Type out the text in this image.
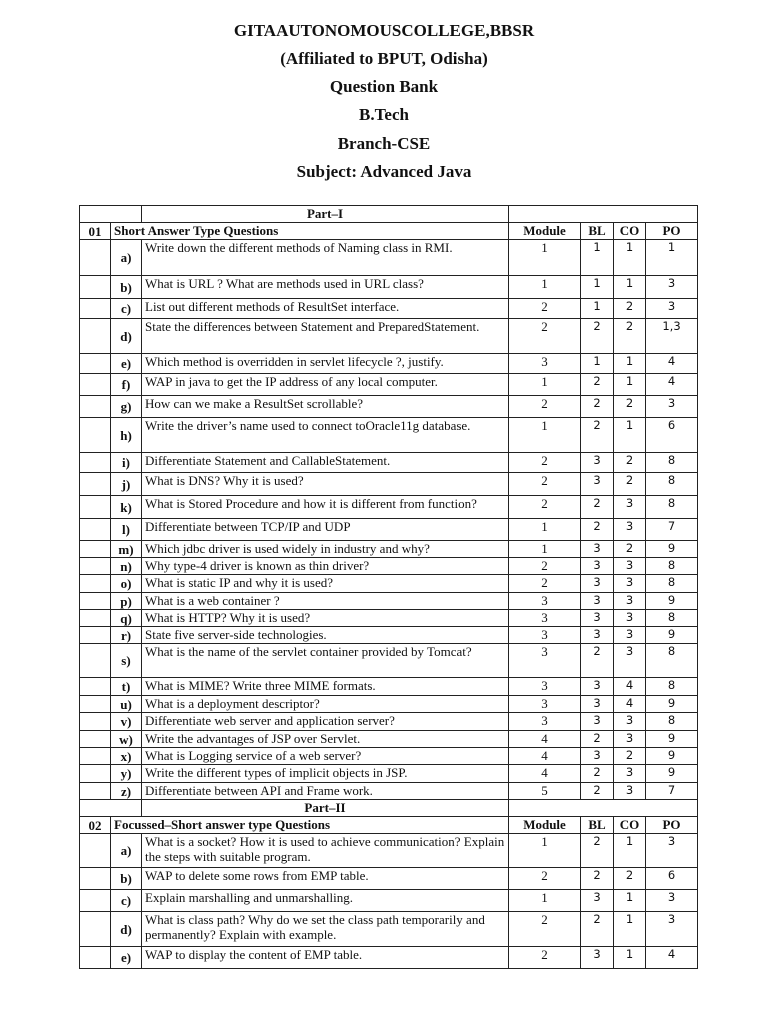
GITAAUTONOMOUSCOLLEGE,BBSR
(Affiliated to BPUT, Odisha)
Question Bank
B.Tech
Branch-CSE
Subject: Advanced Java
		Part–I				
01	Short Answer Type Questions		Module	BL	CO	PO
	a)	Write down the different methods of Naming class in RMI.	1	1	1	1
	b)	What is URL ? What are methods used in URL class?	1	1	1	3
	c)	List out different methods of ResultSet interface.	2	1	2	3
	d)	State the differences between Statement and PreparedStatement.	2	2	2	1,3
	e)	Which method is overridden in servlet lifecycle ?, justify.	3	1	1	4
	f)	WAP in java to get the IP address of any local computer.	1	2	1	4
	g)	How can we make a ResultSet scrollable?	2	2	2	3
	h)	Write the driver’s name used to connect toOracle11g database.	1	2	1	6
	i)	Differentiate Statement and CallableStatement.	2	3	2	8
	j)	What is DNS? Why it is used?	2	3	2	8
	k)	What is Stored Procedure and how it is different from function?	2	2	3	8
	l)	Differentiate between TCP/IP and UDP	1	2	3	7
	m)	Which jdbc driver is used widely in industry and why?	1	3	2	9
	n)	Why type-4 driver is known as thin driver?	2	3	3	8
	o)	What is static IP and why it is used?	2	3	3	8
	p)	What is a web container ?	3	3	3	9
	q)	What is HTTP? Why it is used?	3	3	3	8
	r)	State five server-side technologies.	3	3	3	9
	s)	What is the name of the servlet container provided by Tomcat?	3	2	3	8
	t)	What is MIME? Write three MIME formats.	3	3	4	8
	u)	What is a deployment descriptor?	3	3	4	9
	v)	Differentiate web server and application server?	3	3	3	8
	w)	Write the advantages of JSP over Servlet.	4	2	3	9
	x)	What is Logging service of a web server?	4	3	2	9
	y)	Write the different types of implicit objects in JSP.	4	2	3	9
	z)	Differentiate between API and Frame work.	5	2	3	7
		Part–II				
02	Focussed–Short answer type Questions		Module	BL	CO	PO
	a)	What is a socket? How it is used to achieve communication? Explain the steps with suitable program.	1	2	1	3
	b)	WAP to delete some rows from EMP table.	2	2	2	6
	c)	Explain marshalling and unmarshalling.	1	3	1	3
	d)	What is class path? Why do we set the class path temporarily and permanently? Explain with example.	2	2	1	3
	e)	WAP to display the content of EMP table.	2	3	1	4
